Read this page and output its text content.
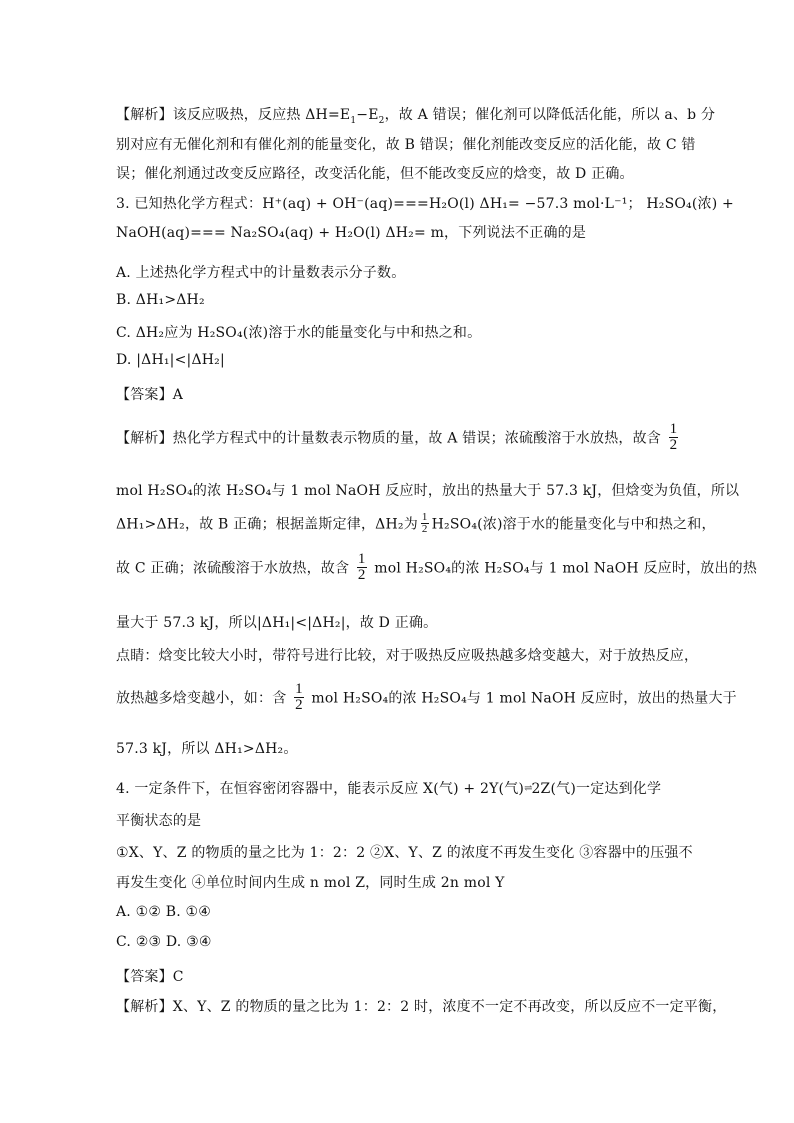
【解析】该反应吸热，反应热 $\Delta H=E_1-E_2$，故 A 错误；催化剂可以降低活化能，所以 a、b 分
别对应有无催化剂和有催化剂的能量变化，故 B 错误；催化剂能改变反应的活化能，故 C 错
误；催化剂通过改变反应路径，改变活化能，但不能改变反应的焓变，故 D 正确。
3. 已知热化学方程式：H⁺(aq) + OH⁻(aq)===H₂O(l) ΔH₁= −57.3 mol·L⁻¹； H₂SO₄(浓) +
NaOH(aq)=== Na₂SO₄(aq) + H₂O(l) ΔH₂= m，下列说法不正确的是
A. 上述热化学方程式中的计量数表示分子数。
B. ΔH₁>ΔH₂
C. ΔH₂应为 H₂SO₄(浓)溶于水的能量变化与中和热之和。
D. |ΔH₁|<|ΔH₂|
【答案】A
【解析】热化学方程式中的计量数表示物质的量，故 A 错误；浓硫酸溶于水放热，故含 $\frac{1}{2}$
mol H₂SO₄的浓 H₂SO₄与 1 mol NaOH 反应时，放出的热量大于 57.3 kJ，但焓变为负值，所以
ΔH₁>ΔH₂，故 B 正确；根据盖斯定律，ΔH₂为 $\frac{1}{2} H_2SO_4$(浓)溶于水的能量变化与中和热之和，
故 C 正确；浓硫酸溶于水放热，故含 $\frac{1}{2}$ mol H₂SO₄的浓 H₂SO₄与 1 mol NaOH 反应时，放出的热
量大于 57.3 kJ，所以|ΔH₁|<|ΔH₂|，故 D 正确。
点睛：焓变比较大小时，带符号进行比较，对于吸热反应吸热越多焓变越大，对于放热反应，
放热越多焓变越小，如：含 $\frac{1}{2}$ mol H₂SO₄的浓 H₂SO₄与 1 mol NaOH 反应时，放出的热量大于
57.3 kJ，所以 ΔH₁>ΔH₂。
4. 一定条件下，在恒容密闭容器中，能表示反应 X(气) + 2Y(气)⇌2Z(气)一定达到化学
平衡状态的是
①X、Y、Z 的物质的量之比为 1：2：2 ②X、Y、Z 的浓度不再发生变化 ③容器中的压强不
再发生变化 ④单位时间内生成 n mol Z，同时生成 2n mol Y
A. ①② B. ①④
C. ②③ D. ③④
【答案】C
【解析】X、Y、Z 的物质的量之比为 1：2：2 时，浓度不一定不再改变，所以反应不一定平衡，
